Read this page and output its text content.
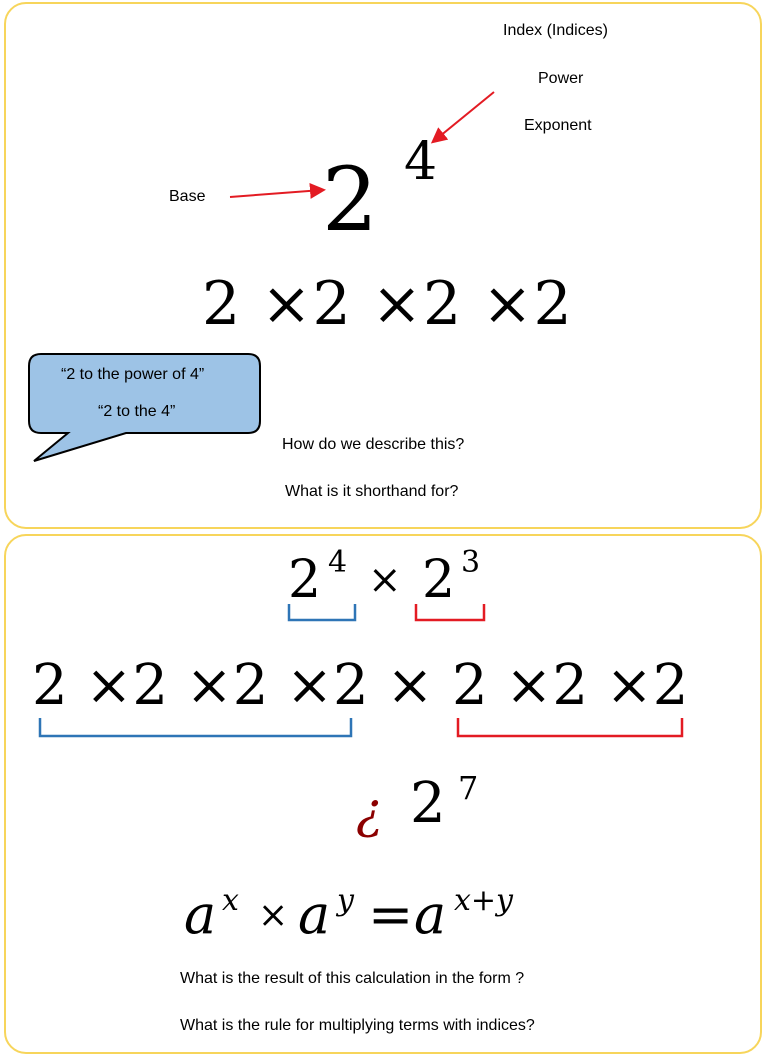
Index (Indices)
Power
Exponent
Base 2 4
2 ×2 ×2 ×2
“2 to the power of 4”
“2 to the 4”
How do we describe this?
What is it shorthand for?
2 4 × 2 3
2 ×2 ×2 ×2 × 2 ×2 ×2
¿ 2 7
a x × a y = a x+y
What is the result of this calculation in the form ?
What is the rule for multiplying terms with indices?
